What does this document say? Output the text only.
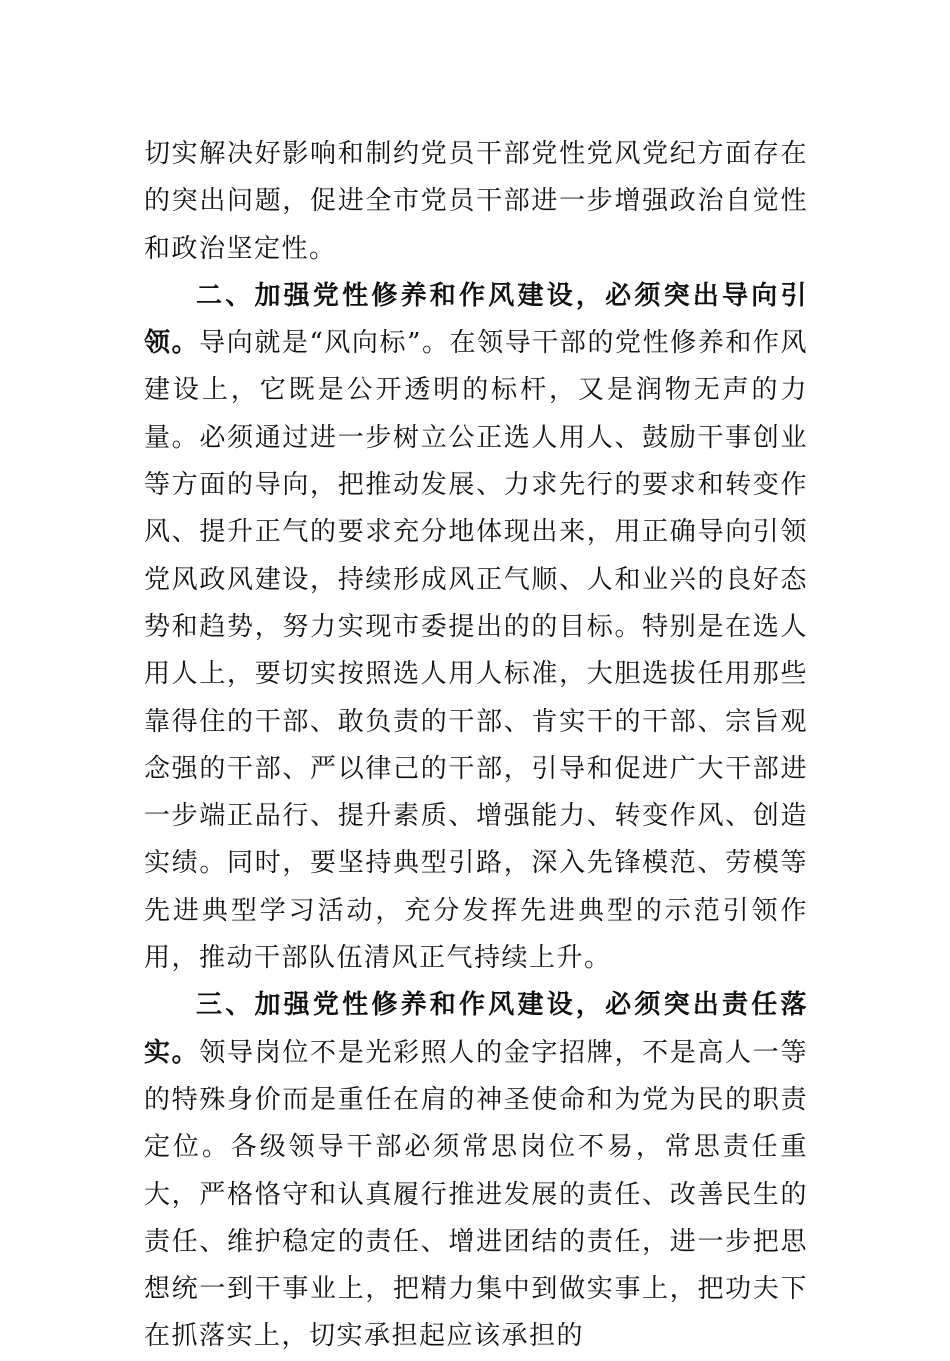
切实解决好影响和制约党员干部党性党风党纪方面存在的突出问题，促进全市党员干部进一步增强政治自觉性和政治坚定性。

二、加强党性修养和作风建设，必须突出导向引领。导向就是“风向标”。在领导干部的党性修养和作风建设上，它既是公开透明的标杆，又是润物无声的力量。必须通过进一步树立公正选人用人、鼓励干事创业等方面的导向，把推动发展、力求先行的要求和转变作风、提升正气的要求充分地体现出来，用正确导向引领党风政风建设，持续形成风正气顺、人和业兴的良好态势和趋势，努力实现市委提出的的目标。特别是在选人用人上，要切实按照选人用人标准，大胆选拔任用那些靠得住的干部、敢负责的干部、肯实干的干部、宗旨观念强的干部、严以律己的干部，引导和促进广大干部进一步端正品行、提升素质、增强能力、转变作风、创造实绩。同时，要坚持典型引路，深入先锋模范、劳模等先进典型学习活动，充分发挥先进典型的示范引领作用，推动干部队伍清风正气持续上升。

三、加强党性修养和作风建设，必须突出责任落实。领导岗位不是光彩照人的金字招牌，不是高人一等的特殊身价而是重任在肩的神圣使命和为党为民的职责定位。各级领导干部必须常思岗位不易，常思责任重大，严格恪守和认真履行推进发展的责任、改善民生的责任、维护稳定的责任、增进团结的责任，进一步把思想统一到干事业上，把精力集中到做实事上，把功夫下在抓落实上，切实承担起应该承担的
